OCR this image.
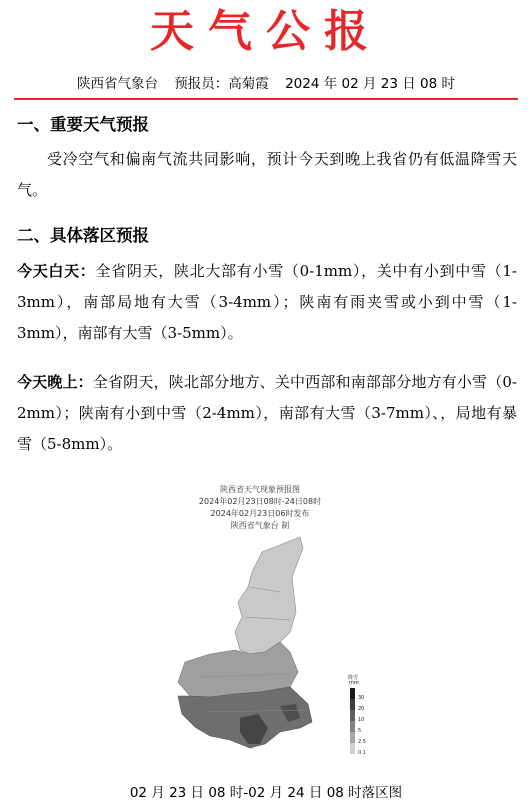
天气公报
陕西省气象台 预报员：高菊霞 2024 年 02 月 23 日 08 时
一、重要天气预报
受冷空气和偏南气流共同影响，预计今天到晚上我省仍有低温降雪天气。
二、具体落区预报
今天白天：全省阴天，陕北大部有小雪（0-1mm），关中有小到中雪（1-3mm），南部局地有大雪（3-4mm）；陕南有雨夹雪或小到中雪（1-3mm），南部有大雪（3-5mm）。
今天晚上：全省阴天，陕北部分地方、关中西部和南部部分地方有小雪（0-2mm）；陕南有小到中雪（2-4mm），南部有大雪（3-7mm）、，局地有暴雪（5-8mm）。
陕西省天气现象预报图
2024年02月23日08时-24日08时
2024年02月23日06时发布
陕西省气象台 制
降雪
mm
30
20
10
5
2.5
0.1
02 月 23 日 08 时-02 月 24 日 08 时落区图
